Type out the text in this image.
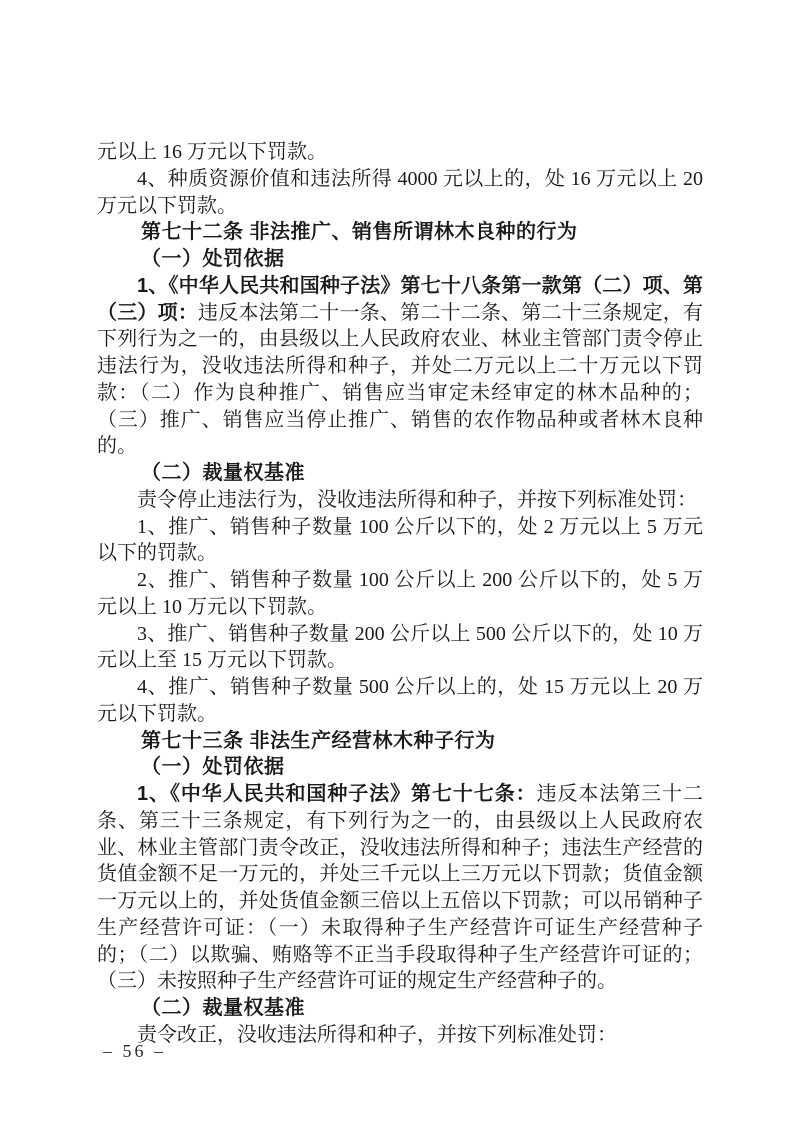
元以上 16 万元以下罚款。

4、种质资源价值和违法所得 4000 元以上的，处 16 万元以上 20 万元以下罚款。

第七十二条 非法推广、销售所谓林木良种的行为

（一）处罚依据

1、《中华人民共和国种子法》第七十八条第一款第（二）项、第（三）项：违反本法第二十一条、第二十二条、第二十三条规定，有下列行为之一的，由县级以上人民政府农业、林业主管部门责令停止违法行为，没收违法所得和种子，并处二万元以上二十万元以下罚款：（二）作为良种推广、销售应当审定未经审定的林木品种的；（三）推广、销售应当停止推广、销售的农作物品种或者林木良种的。

（二）裁量权基准

责令停止违法行为，没收违法所得和种子，并按下列标准处罚：

1、推广、销售种子数量 100 公斤以下的，处 2 万元以上 5 万元以下的罚款。

2、推广、销售种子数量 100 公斤以上 200 公斤以下的，处 5 万元以上 10 万元以下罚款。

3、推广、销售种子数量 200 公斤以上 500 公斤以下的，处 10 万元以上至 15 万元以下罚款。

4、推广、销售种子数量 500 公斤以上的，处 15 万元以上 20 万元以下罚款。

第七十三条 非法生产经营林木种子行为

（一）处罚依据

1、《中华人民共和国种子法》第七十七条：违反本法第三十二条、第三十三条规定，有下列行为之一的，由县级以上人民政府农业、林业主管部门责令改正，没收违法所得和种子；违法生产经营的货值金额不足一万元的，并处三千元以上三万元以下罚款；货值金额一万元以上的，并处货值金额三倍以上五倍以下罚款；可以吊销种子生产经营许可证：（一）未取得种子生产经营许可证生产经营种子的；（二）以欺骗、贿赂等不正当手段取得种子生产经营许可证的；（三）未按照种子生产经营许可证的规定生产经营种子的。

（二）裁量权基准

责令改正，没收违法所得和种子，并按下列标准处罚：

– 56 –
